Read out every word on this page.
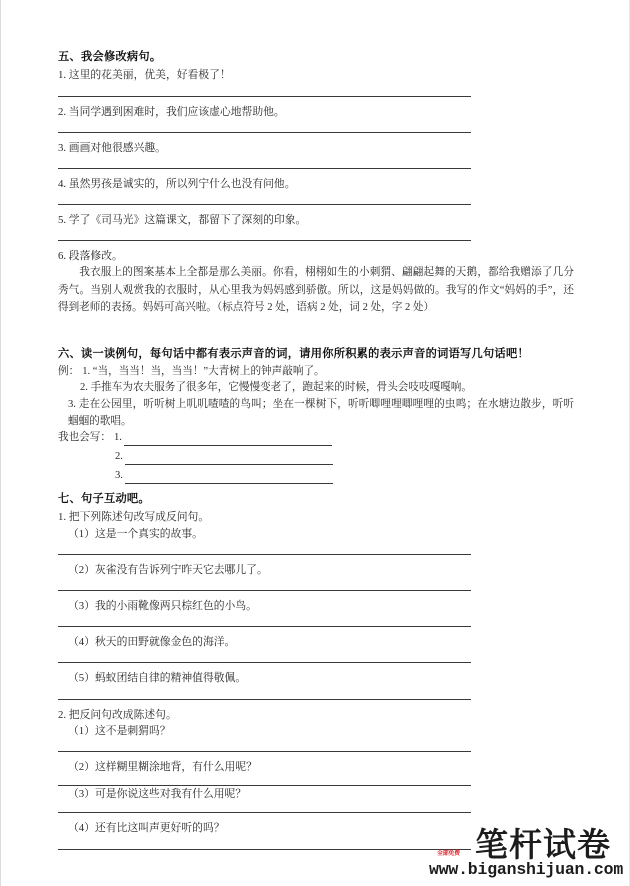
五、我会修改病句。

1. 这里的花美丽，优美，好看极了！

2. 当同学遇到困难时，我们应该虚心地帮助他。

3. 画画对他很感兴趣。

4. 虽然男孩是诚实的，所以列宁什么也没有问他。

5. 学了《司马光》这篇课文，都留下了深刻的印象。

6. 段落修改。

我衣服上的图案基本上全都是那么美丽。你看，栩栩如生的小刺猬、翩翩起舞的天鹅，都给我赠添了几分秀气。当别人观赏我的衣服时，从心里我为妈妈感到骄傲。所以，这是妈妈做的。我写的作文“妈妈的手”，还得到老师的表扬。妈妈可高兴啦。（标点符号 2 处，语病 2 处，词 2 处，字 2 处）

六、读一读例句，每句话中都有表示声音的词，请用你所积累的表示声音的词语写几句话吧！

例： 1. “当，当当！当，当当！”大青树上的钟声敲响了。

2. 手推车为农夫服务了很多年，它慢慢变老了，跑起来的时候，骨头会吱吱嘎嘎响。

3. 走在公园里，听听树上叽叽喳喳的鸟叫；坐在一棵树下，听听唧哩哩唧哩哩的虫鸣；在水塘边散步，听听蝈蝈的歌唱。

我也会写： 1.
2.
3.

七、句子互动吧。

1. 把下列陈述句改写成反问句。

（1）这是一个真实的故事。

（2）灰雀没有告诉列宁昨天它去哪儿了。

（3）我的小雨靴像两只棕红色的小鸟。

（4）秋天的田野就像金色的海洋。

（5）蚂蚁团结自律的精神值得敬佩。

2. 把反问句改成陈述句。

（1）这不是刺猬吗？

（2）这样糊里糊涂地背，有什么用呢？

（3）可是你说这些对我有什么用呢？

（4）还有比这叫声更好听的吗？

全部免费 笔杆试卷
www.biganshijuan.com
